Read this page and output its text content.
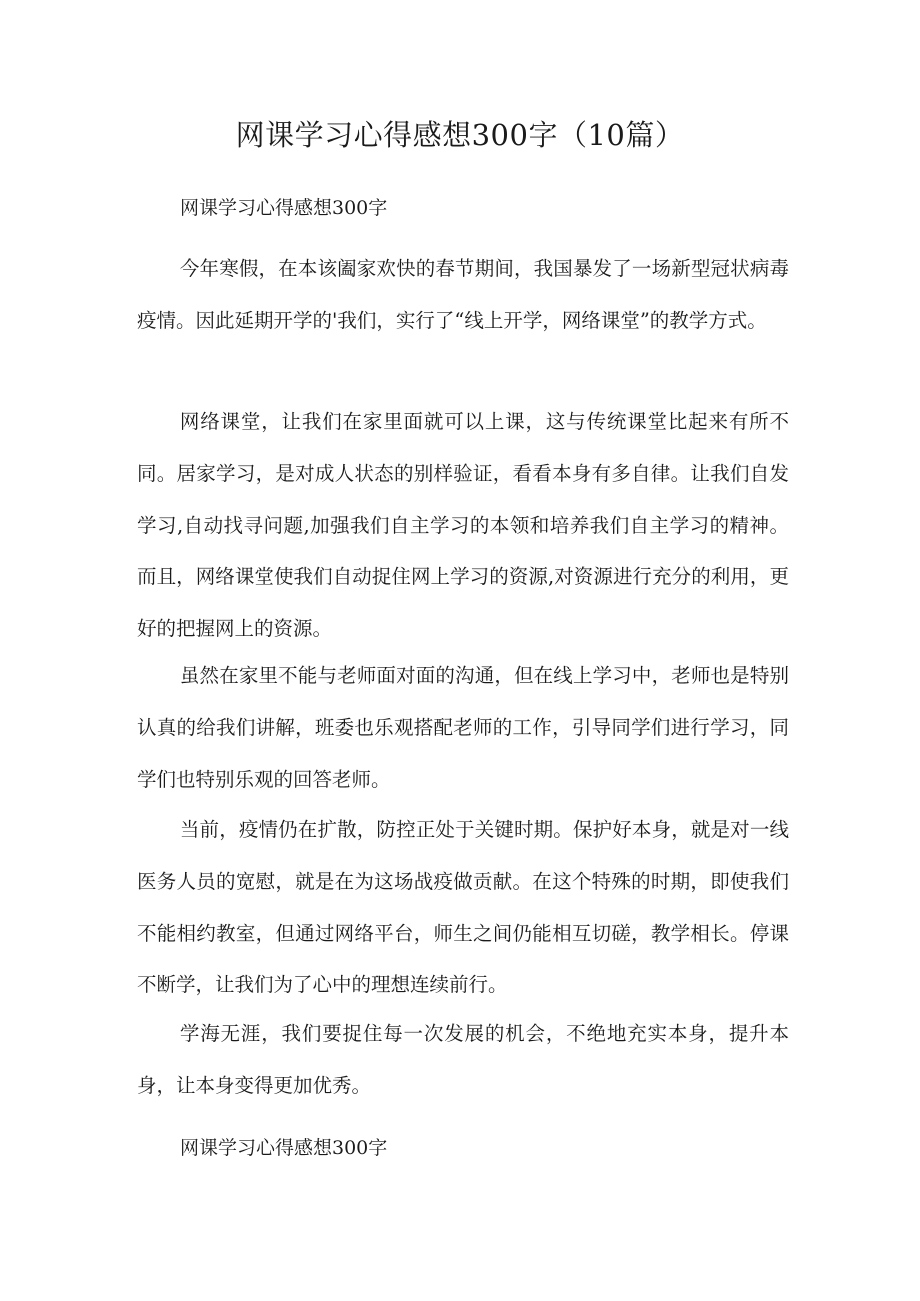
网课学习心得感想300字（10篇）
网课学习心得感想300字

今年寒假，在本该阖家欢快的春节期间，我国暴发了一场新型冠状病毒疫情。因此延期开学的'我们，实行了“线上开学，网络课堂”的教学方式。

网络课堂，让我们在家里面就可以上课，这与传统课堂比起来有所不同。居家学习，是对成人状态的别样验证，看看本身有多自律。让我们自发学习,自动找寻问题,加强我们自主学习的本领和培养我们自主学习的精神。而且，网络课堂使我们自动捉住网上学习的资源,对资源进行充分的利用，更好的把握网上的资源。

虽然在家里不能与老师面对面的沟通，但在线上学习中，老师也是特别认真的给我们讲解，班委也乐观搭配老师的工作，引导同学们进行学习，同学们也特别乐观的回答老师。

当前，疫情仍在扩散，防控正处于关键时期。保护好本身，就是对一线医务人员的宽慰，就是在为这场战疫做贡献。在这个特殊的时期，即使我们不能相约教室，但通过网络平台，师生之间仍能相互切磋，教学相长。停课不断学，让我们为了心中的理想连续前行。

学海无涯，我们要捉住每一次发展的机会，不绝地充实本身，提升本身，让本身变得更加优秀。

网课学习心得感想300字
